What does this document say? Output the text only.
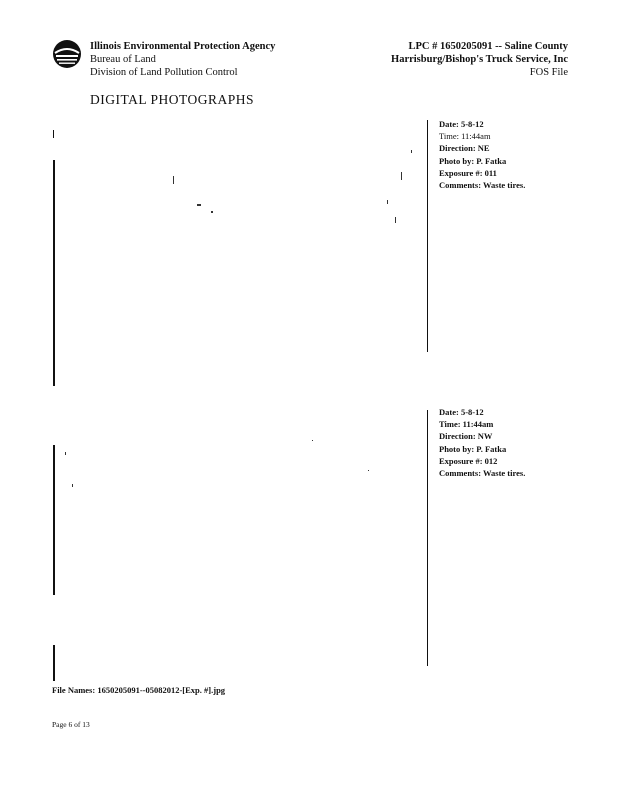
Illinois Environmental Protection Agency
Bureau of Land
Division of Land Pollution Control
LPC # 1650205091 -- Saline County
Harrisburg/Bishop's Truck Service, Inc
FOS File
DIGITAL PHOTOGRAPHS
Date: 5-8-12
Time: 11:44am
Direction: NE
Photo by: P. Fatka
Exposure #: 011
Comments: Waste tires.
Date: 5-8-12
Time: 11:44am
Direction: NW
Photo by: P. Fatka
Exposure #: 012
Comments: Waste tires.
File Names: 1650205091--05082012-[Exp. #].jpg
Page 6 of 13
